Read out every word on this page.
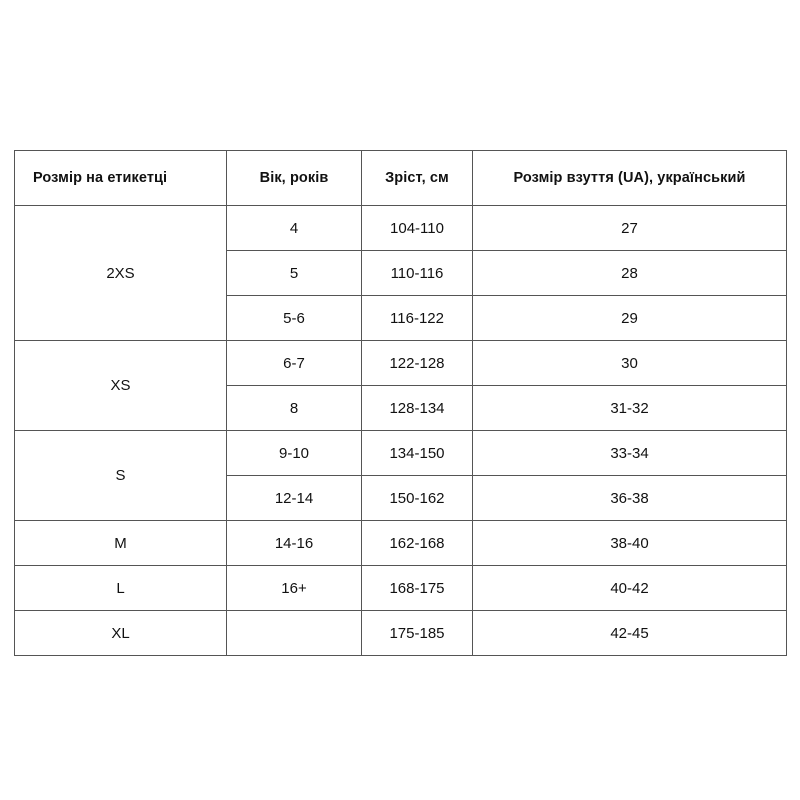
Розмір на етикетці	Вік, років	Зріст, см	Розмір взуття (UA), український
2XS	4	104-110	27
	5	110-116	28
	5-6	116-122	29
XS	6-7	122-128	30
	8	128-134	31-32
S	9-10	134-150	33-34
	12-14	150-162	36-38
M	14-16	162-168	38-40
L	16+	168-175	40-42
XL		175-185	42-45
